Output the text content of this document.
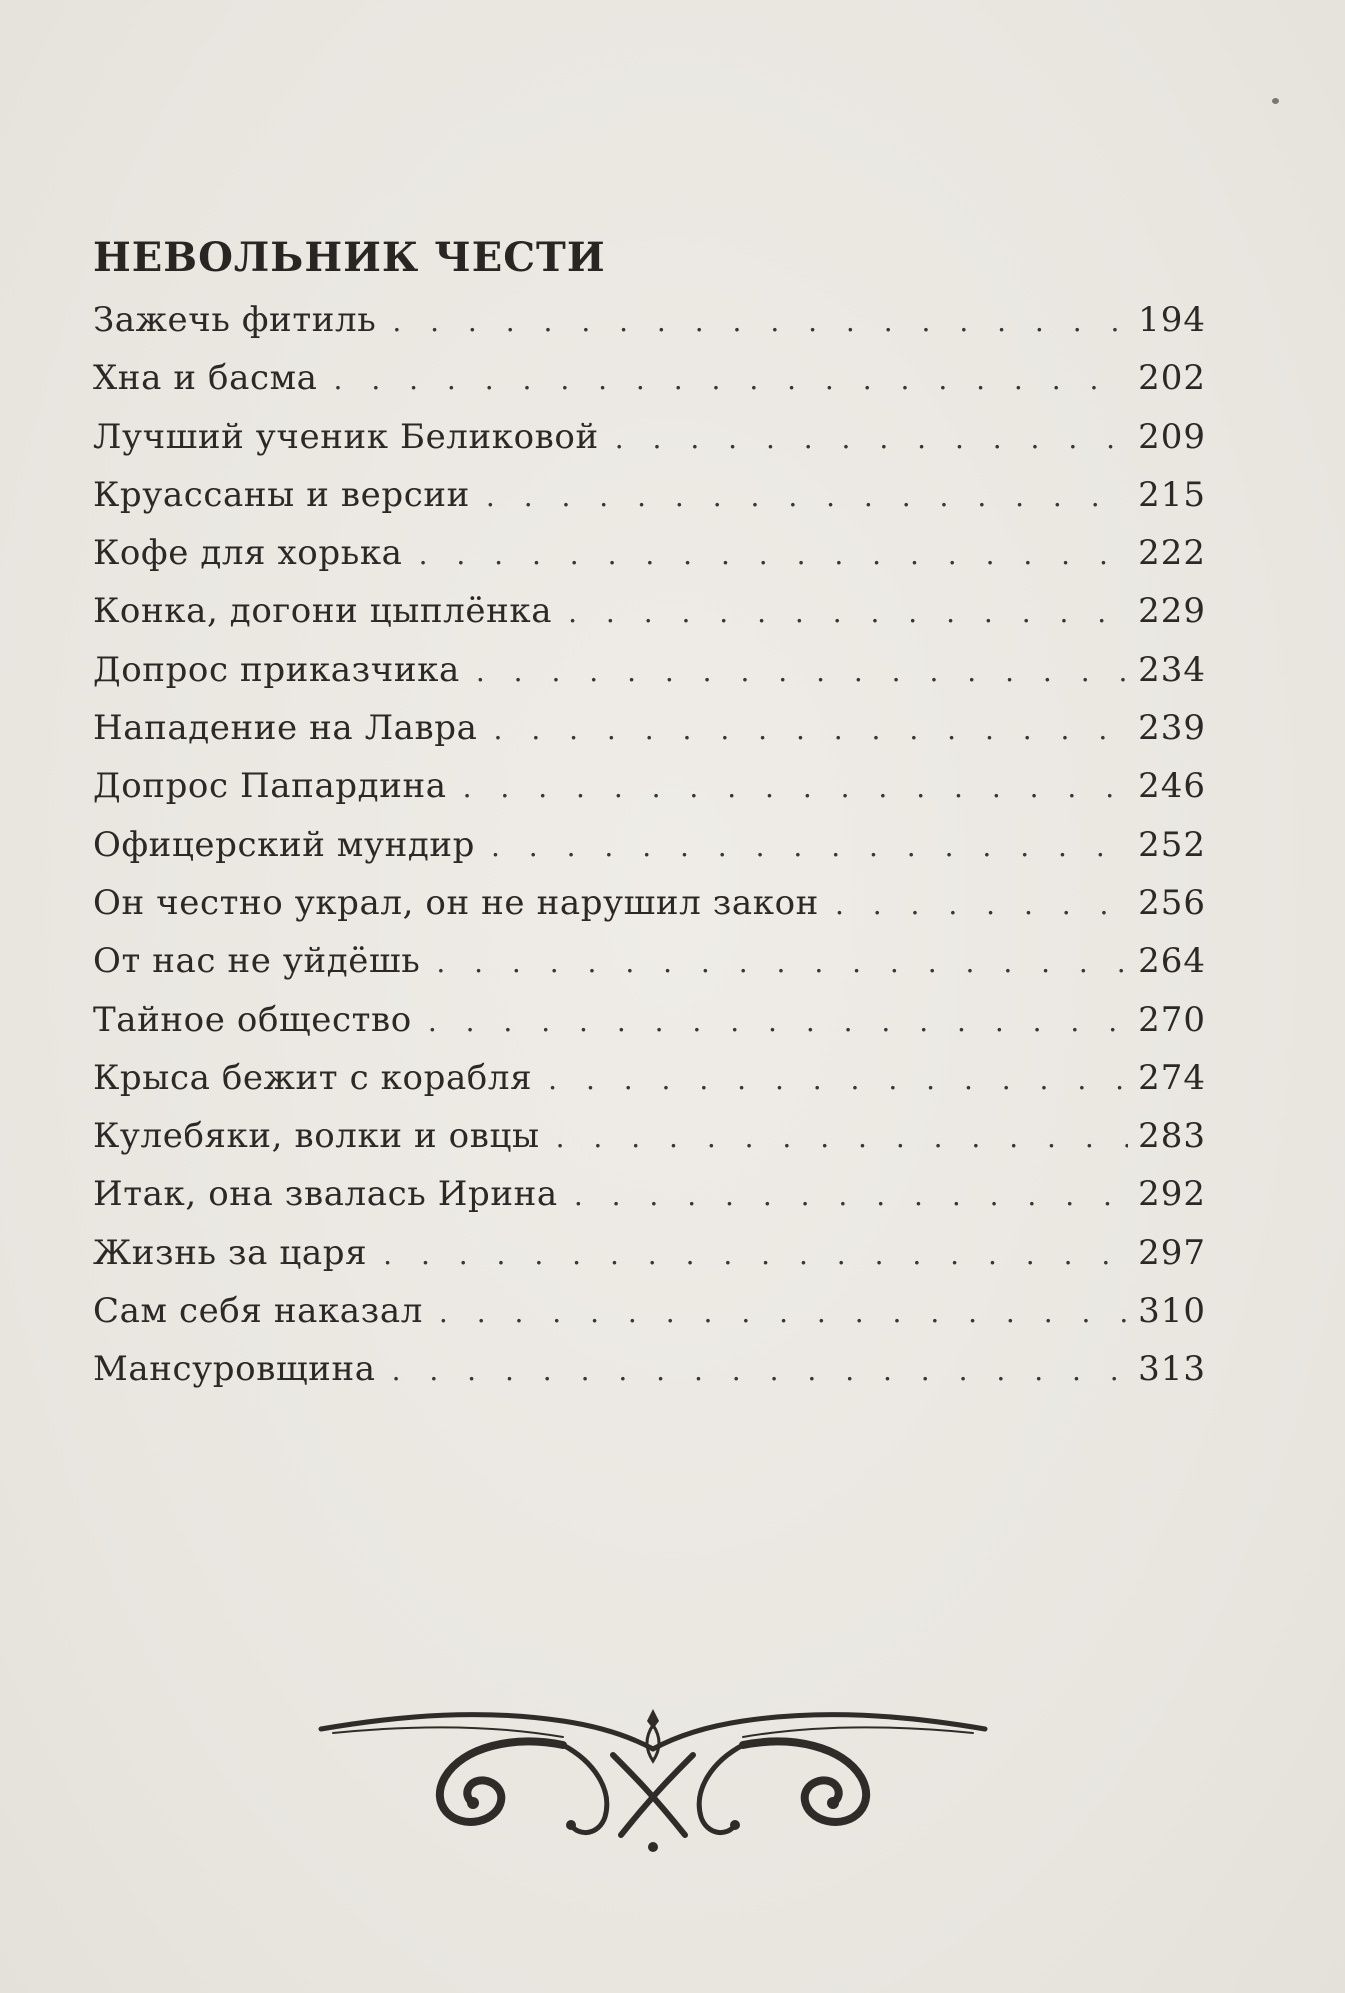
НЕВОЛЬНИК ЧЕСТИ
Зажечь фитиль . . .	194
Хна и басма . . .	202
Лучший ученик Беликовой . . .	209
Круассаны и версии . . .	215
Кофе для хорька . . .	222
Конка, догони цыплёнка . . .	229
Допрос приказчика . . .	234
Нападение на Лавра . . .	239
Допрос Папардина . . .	246
Офицерский мундир . . .	252
Он честно украл, он не нарушил закон . . .	256
От нас не уйдёшь . . .	264
Тайное общество . . .	270
Крыса бежит с корабля . . .	274
Кулебяки, волки и овцы . . .	283
Итак, она звалась Ирина . . .	292
Жизнь за царя . . .	297
Сам себя наказал . . .	310
Мансуровщина . . .	313
